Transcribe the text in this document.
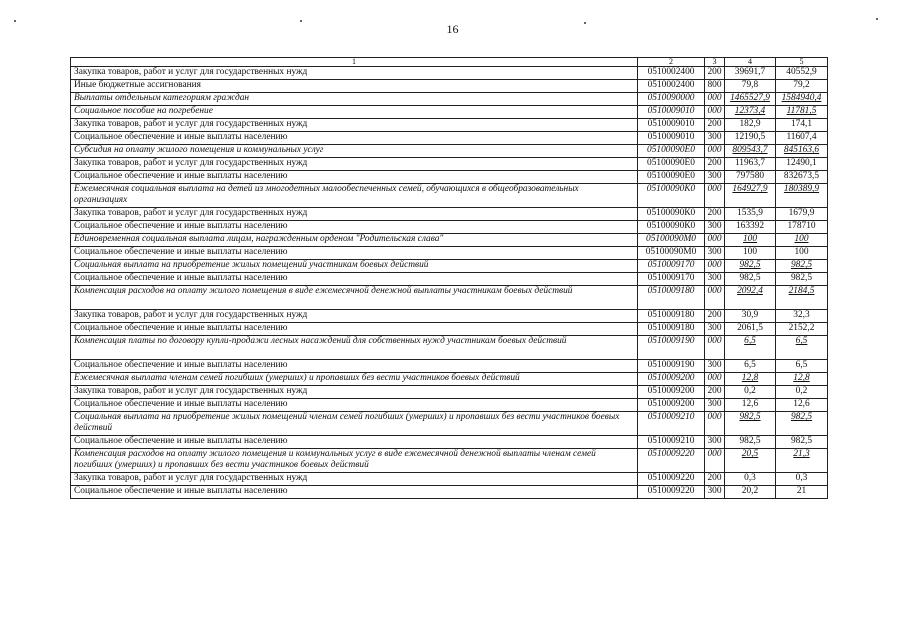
16
1	2	3	4	5
Закупка товаров, работ и услуг для государственных нужд	0510002400	200	39691,7	40552,9
Иные бюджетные ассигнования	0510002400	800	79,8	79,2
Выплаты отдельным категориям граждан	0510090000	000	1465527,9	1584940,4
Социальное пособие на погребение	0510009010	000	12373,4	11781,5
Закупка товаров, работ и услуг для государственных нужд	0510009010	200	182,9	174,1
Социальное обеспечение и иные выплаты населению	0510009010	300	12190,5	11607,4
Субсидия на оплату жилого помещения и коммунальных услуг	05100090Е0	000	809543,7	845163,6
Закупка товаров, работ и услуг для государственных нужд	05100090Е0	200	11963,7	12490,1
Социальное обеспечение и иные выплаты населению	05100090Е0	300	797580	832673,5
Ежемесячная социальная выплата на детей из многодетных малообеспеченных семей, обучающихся в общеобразовательных организациях	05100090К0	000	164927,9	180389,9
Закупка товаров, работ и услуг для государственных нужд	05100090К0	200	1535,9	1679,9
Социальное обеспечение и иные выплаты населению	05100090К0	300	163392	178710
Единовременная социальная выплата лицам, награжденным орденом "Родительская слава"	05100090М0	000	100	100
Социальное обеспечение и иные выплаты населению	05100090М0	300	100	100
Социальная выплата на приобретение жилых помещений участникам боевых действий	0510009170	000	982,5	982,5
Социальное обеспечение и иные выплаты населению	0510009170	300	982,5	982,5
Компенсация расходов на оплату жилого помещения в виде ежемесячной денежной выплаты участникам боевых действий	0510009180	000	2092,4	2184,5
Закупка товаров, работ и услуг для государственных нужд	0510009180	200	30,9	32,3
Социальное обеспечение и иные выплаты населению	0510009180	300	2061,5	2152,2
Компенсация платы по договору купли-продажи лесных насаждений для собственных нужд участникам боевых действий	0510009190	000	6,5	6,5
Социальное обеспечение и иные выплаты населению	0510009190	300	6,5	6,5
Ежемесячная выплата членам семей погибших (умерших) и пропавших без вести участников боевых действий	0510009200	000	12,8	12,8
Закупка товаров, работ и услуг для государственных нужд	0510009200	200	0,2	0,2
Социальное обеспечение и иные выплаты населению	0510009200	300	12,6	12,6
Социальная выплата на приобретение жилых помещений членам семей погибших (умерших) и пропавших без вести участников боевых действий	0510009210	000	982,5	982,5
Социальное обеспечение и иные выплаты населению	0510009210	300	982,5	982,5
Компенсация расходов на оплату жилого помещения и коммунальных услуг в виде ежемесячной денежной выплаты членам семей погибших (умерших) и пропавших без вести участников боевых действий	0510009220	000	20,5	21,3
Закупка товаров, работ и услуг для государственных нужд	0510009220	200	0,3	0,3
Социальное обеспечение и иные выплаты населению	0510009220	300	20,2	21
